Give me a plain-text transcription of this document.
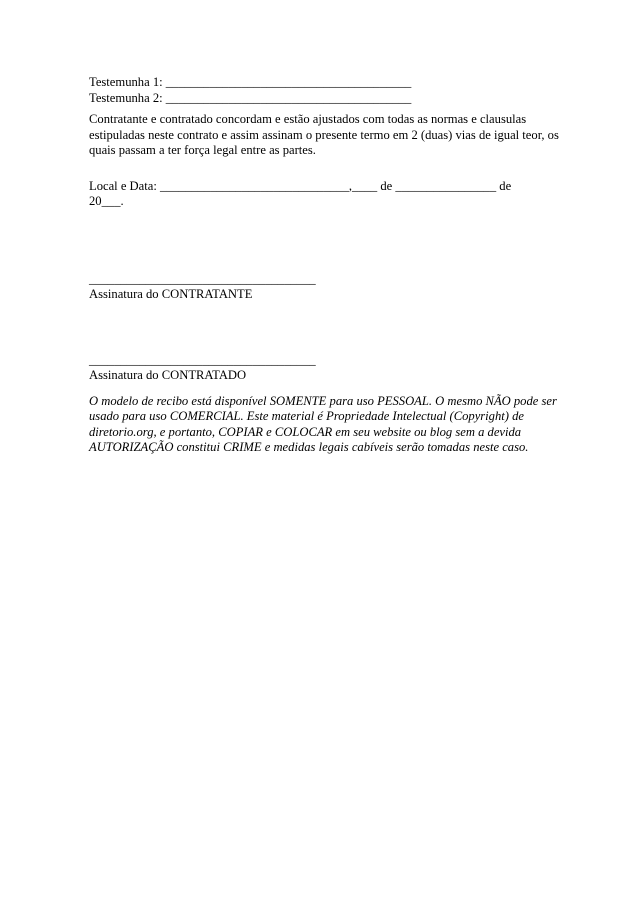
Testemunha 1: _______________________________________
Testemunha 2: _______________________________________

Contratante e contratado concordam e estão ajustados com todas as normas e clausulas estipuladas neste contrato e assim assinam o presente termo em 2 (duas) vias de igual teor, os quais passam a ter força legal entre as partes.

Local e Data: ______________________________,____ de ________________ de
20___.
____________________________________
Assinatura do CONTRATANTE
____________________________________
Assinatura do CONTRATADO

O modelo de recibo está disponível SOMENTE para uso PESSOAL. O mesmo NÃO pode ser usado para uso COMERCIAL. Este material é Propriedade Intelectual (Copyright) de diretorio.org, e portanto, COPIAR e COLOCAR em seu website ou blog sem a devida AUTORIZAÇÃO constitui CRIME e medidas legais cabíveis serão tomadas neste caso.
